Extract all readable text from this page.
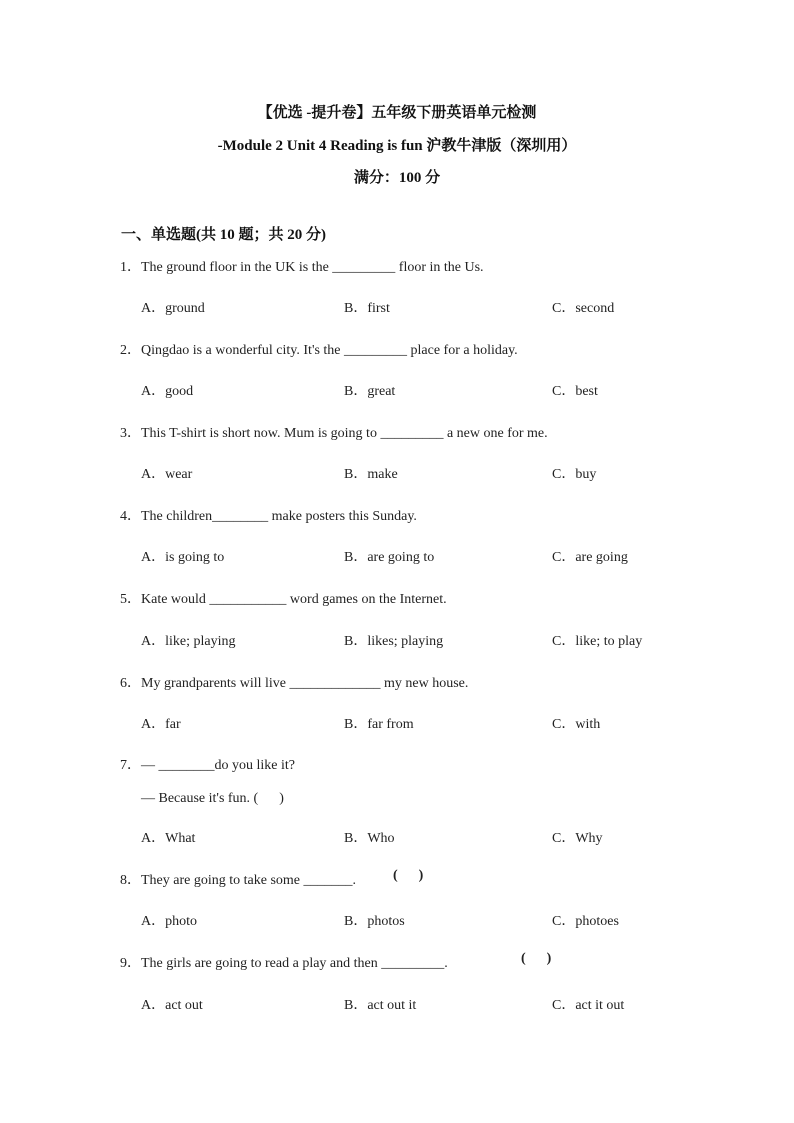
【优选 -提升卷】五年级下册英语单元检测
-Module 2 Unit 4 Reading is fun 沪教牛津版（深圳用）
满分：100 分
一、单选题(共 10 题；共 20 分)
1．The ground floor in the UK is the _________ floor in the Us.
A．ground	B．first	C．second
2．Qingdao is a wonderful city. It's the _________ place for a holiday.
A．good	B．great	C．best
3．This T-shirt is short now. Mum is going to _________ a new one for me.
A．wear	B．make	C．buy
4．The children________ make posters this Sunday.
A．is going to	B．are going to	C．are going
5．Kate would ___________ word games on the Internet.
A．like; playing	B．likes; playing	C．like; to play
6．My grandparents will live _____________ my new house.
A．far	B．far from	C．with
7．— ________do you like it?
— Because it's fun. (      )
A．What	B．Who	C．Why
8．They are going to take some _______.	(      )
A．photo	B．photos	C．photoes
9．The girls are going to read a play and then _________.	(      )
A．act out	B．act out it	C．act it out
